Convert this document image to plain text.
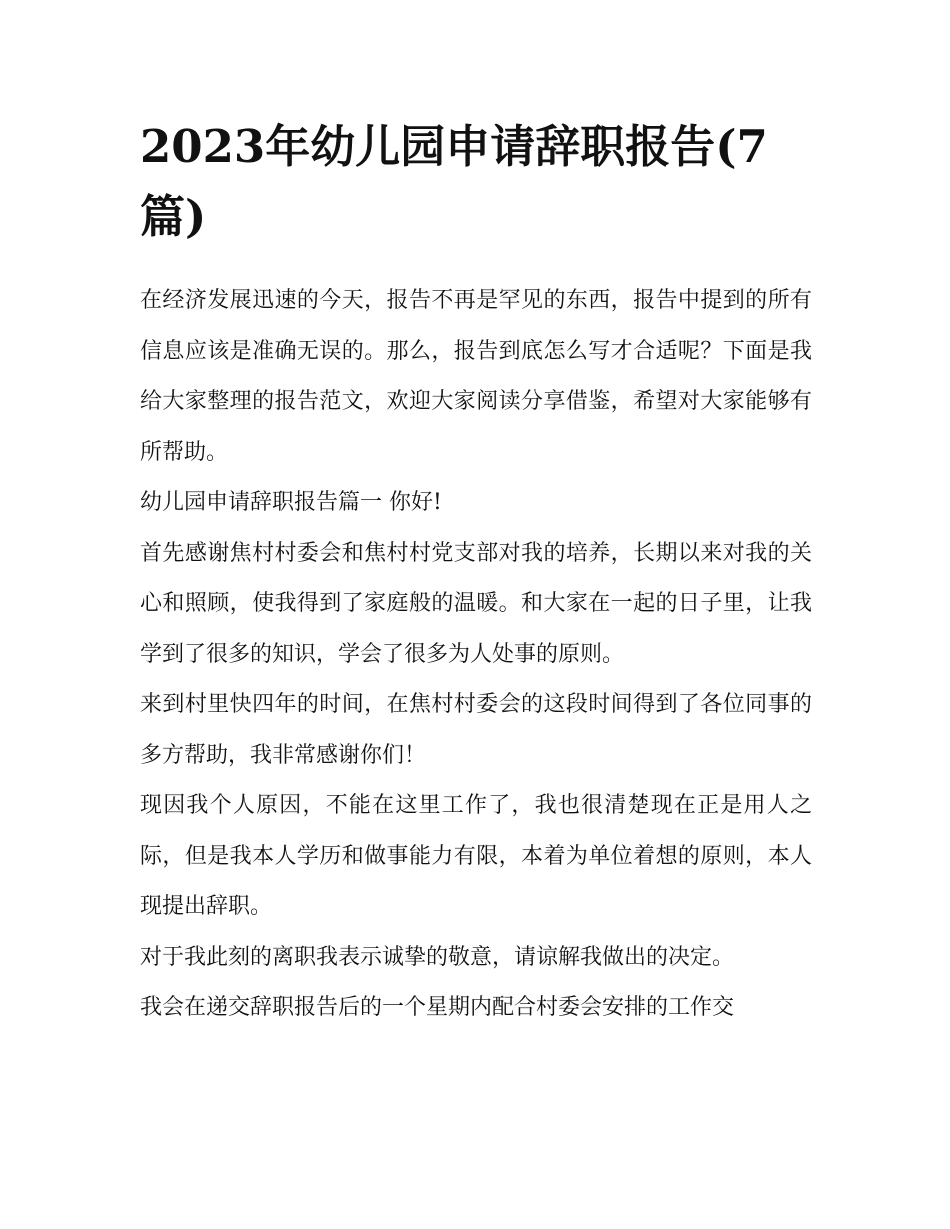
2023年幼儿园申请辞职报告(7篇)

在经济发展迅速的今天，报告不再是罕见的东西，报告中提到的所有信息应该是准确无误的。那么，报告到底怎么写才合适呢？下面是我给大家整理的报告范文，欢迎大家阅读分享借鉴，希望对大家能够有所帮助。

幼儿园申请辞职报告篇一 你好!

首先感谢焦村村委会和焦村村党支部对我的培养，长期以来对我的关心和照顾，使我得到了家庭般的温暖。和大家在一起的日子里，让我学到了很多的知识，学会了很多为人处事的原则。

来到村里快四年的时间，在焦村村委会的这段时间得到了各位同事的多方帮助，我非常感谢你们！

现因我个人原因，不能在这里工作了，我也很清楚现在正是用人之际，但是我本人学历和做事能力有限，本着为单位着想的原则，本人现提出辞职。

对于我此刻的离职我表示诚挚的敬意，请谅解我做出的决定。

我会在递交辞职报告后的一个星期内配合村委会安排的工作交
